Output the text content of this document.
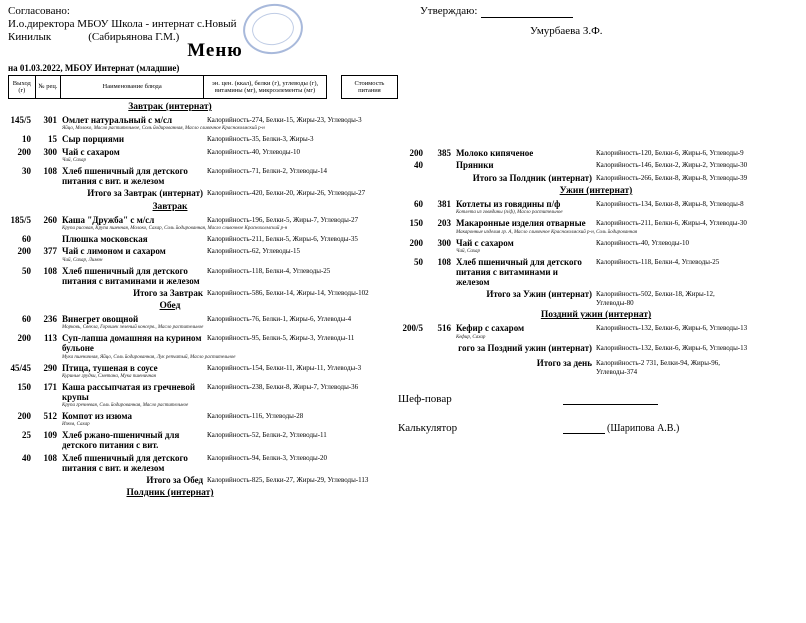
Согласовано:
И.о.директора МБОУ Школа - интернат с.Новый
Кинилык	(Сабирьянова Г.М.)
Утверждаю:
Умурбаева З.Ф.
Меню
на 01.03.2022, МБОУ Интернат (младшие)
Выход (г)
№ рец.	Наименование блюда
эн. цен. (ккал), белки (г), углеводы (г), витамины (мг), микроэлементы (мг)
Стоимость питания
Завтрак (интернат)
145/5	301 Омлет натуральный с м/сл	Калорийность-274, Белки-15, Жиры-23, Углеводы-3
Яйцо, Молоко, Масло растительное, Соль йодированная, Масло сливочное Краснохолмский р-н
10	15 Сыр порциями	Калорийность-35, Белки-3, Жиры-3
200	300 Чай с сахаром	Калорийность-40, Углеводы-10
Чай, Сахар
30	108 Хлеб пшеничный для детского питания с вит. и железом
Калорийность-71, Белки-2, Углеводы-14
Итого за Завтрак (интернат) Калорийность-420, Белки-20, Жиры-26, Углеводы-27
Завтрак
185/5	260 Каша "Дружба" с м/сл	Калорийность-196, Белки-5, Жиры-7, Углеводы-27
Крупа рисовая, Крупа пшенная, Молоко, Сахар, Соль йодированная, Масло сливочное Краснохолмский р-н
60	Плюшка московская	Калорийность-211, Белки-5, Жиры-6, Углеводы-35
200	377 Чай с лимоном и сахаром	Калорийность-62, Углеводы-15
Чай, Сахар, Лимон
50	108 Хлеб пшеничный для детского питания с витаминами и железом
Калорийность-118, Белки-4, Углеводы-25
Итого за Завтрак Калорийность-586, Белки-14, Жиры-14, Углеводы-102
Обед
60	236 Винегрет овощной	Калорийность-76, Белки-1, Жиры-6, Углеводы-4
Морковь, Свекла, Горошек зеленый консерв., Масло растительное
200	113 Суп-лапша домашняя на курином бульоне
Калорийность-95, Белки-5, Жиры-3, Углеводы-11
Мука пшеничная, Яйцо, Соль йодированная, Лук репчатый, Масло растительное
45/45	290 Птица, тушеная в соусе	Калорийность-154, Белки-11, Жиры-11, Углеводы-3
Куриные грудки, Сметана, Мука пшеничная
150	171 Каша рассыпчатая из гречневой крупы
Калорийность-238, Белки-8, Жиры-7, Углеводы-36
Крупа гречневая, Соль йодированная, Масло растительное
200	512 Компот из изюма	Калорийность-116, Углеводы-28
Изюм, Сахар
25	109 Хлеб ржано-пшеничный для детского питания с вит.
Калорийность-52, Белки-2, Углеводы-11
40	108 Хлеб пшеничный для детского питания с вит. и железом
Калорийность-94, Белки-3, Углеводы-20
Итого за Обед Калорийность-825, Белки-27, Жиры-29, Углеводы-113
Полдник (интернат)
200	385 Молоко кипяченое	Калорийность-120, Белки-6, Жиры-6, Углеводы-9
40	Пряники	Калорийность-146, Белки-2, Жиры-2, Углеводы-30
Итого за Полдник (интернат) Калорийность-266, Белки-8, Жиры-8, Углеводы-39
Ужин (интернат)
60	381 Котлеты из говядины п/ф	Калорийность-134, Белки-8, Жиры-8, Углеводы-8
Котлета из говядины (п/ф), Масло растительное
150	203 Макаронные изделия отварные	Калорийность-211, Белки-6, Жиры-4, Углеводы-30
Макаронные изделия гр. А, Масло сливочное Краснохолмский р-н, Соль йодированная
200	300 Чай с сахаром	Калорийность-40, Углеводы-10
Чай, Сахар
50	108 Хлеб пшеничный для детского питания с витаминами и железом
Калорийность-118, Белки-4, Углеводы-25
Итого за Ужин (интернат) Калорийность-502, Белки-18, Жиры-12, Углеводы-80
Поздний ужин (интернат)
200/5	516 Кефир с сахаром	Калорийность-132, Белки-6, Жиры-6, Углеводы-13
Кефир, Сахар
гого за Поздний ужин (интернат) Калорийность-132, Белки-6, Жиры-6, Углеводы-13
Итого за день Калорийность-2 731, Белки-94, Жиры-96, Углеводы-374
Шеф-повар
Калькулятор	(Шарипова А.В.)
